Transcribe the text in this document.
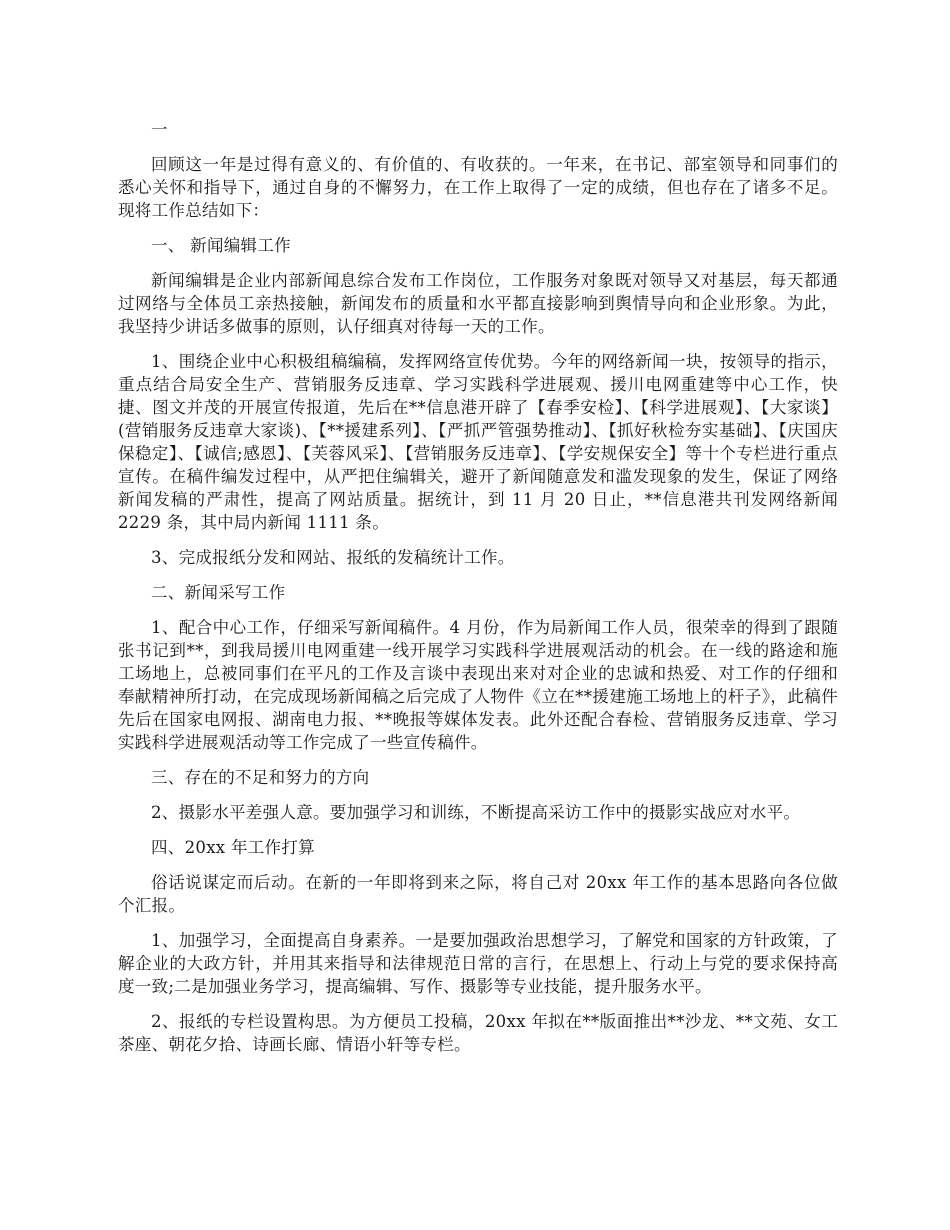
一

回顾这一年是过得有意义的、有价值的、有收获的。一年来，在书记、部室领导和同事们的悉心关怀和指导下，通过自身的不懈努力，在工作上取得了一定的成绩，但也存在了诸多不足。现将工作总结如下：

一、 新闻编辑工作

新闻编辑是企业内部新闻息综合发布工作岗位，工作服务对象既对领导又对基层，每天都通过网络与全体员工亲热接触，新闻发布的质量和水平都直接影响到舆情导向和企业形象。为此，我坚持少讲话多做事的原则，认仔细真对待每一天的工作。

1、围绕企业中心积极组稿编稿，发挥网络宣传优势。今年的网络新闻一块，按领导的指示，重点结合局安全生产、营销服务反违章、学习实践科学进展观、援川电网重建等中心工作，快捷、图文并茂的开展宣传报道，先后在**信息港开辟了【春季安检】、【科学进展观】、【大家谈】(营销服务反违章大家谈)、【**援建系列】、【严抓严管强势推动】、【抓好秋检夯实基础】、【庆国庆 保稳定】、【诚信;感恩】、【芙蓉风采】、【营销服务反违章】、【学安规保安全】等十个专栏进行重点宣传。在稿件编发过程中，从严把住编辑关，避开了新闻随意发和滥发现象的发生，保证了网络新闻发稿的严肃性，提高了网站质量。据统计，到 11 月 20 日止，**信息港共刊发网络新闻 2229 条，其中局内新闻 1111 条。

3、完成报纸分发和网站、报纸的发稿统计工作。

二、新闻采写工作

1、配合中心工作，仔细采写新闻稿件。4 月份，作为局新闻工作人员，很荣幸的得到了跟随张书记到**，到我局援川电网重建一线开展学习实践科学进展观活动的机会。在一线的路途和施工场地上，总被同事们在平凡的工作及言谈中表现出来对对企业的忠诚和热爱、对工作的仔细和奉献精神所打动，在完成现场新闻稿之后完成了人物件《立在**援建施工场地上的杆子》，此稿件先后在国家电网报、湖南电力报、**晚报等媒体发表。此外还配合春检、营销服务反违章、学习实践科学进展观活动等工作完成了一些宣传稿件。

三、存在的不足和努力的方向

2、摄影水平差强人意。要加强学习和训练，不断提高采访工作中的摄影实战应对水平。

四、20xx 年工作打算

俗话说谋定而后动。在新的一年即将到来之际，将自己对 20xx 年工作的基本思路向各位做个汇报。

1、加强学习，全面提高自身素养。一是要加强政治思想学习，了解党和国家的方针政策，了解企业的大政方针，并用其来指导和法律规范日常的言行，在思想上、行动上与党的要求保持高度一致;二是加强业务学习，提高编辑、写作、摄影等专业技能，提升服务水平。

2、报纸的专栏设置构思。为方便员工投稿，20xx 年拟在**版面推出**沙龙、**文苑、女工茶座、朝花夕拾、诗画长廊、情语小轩等专栏。
